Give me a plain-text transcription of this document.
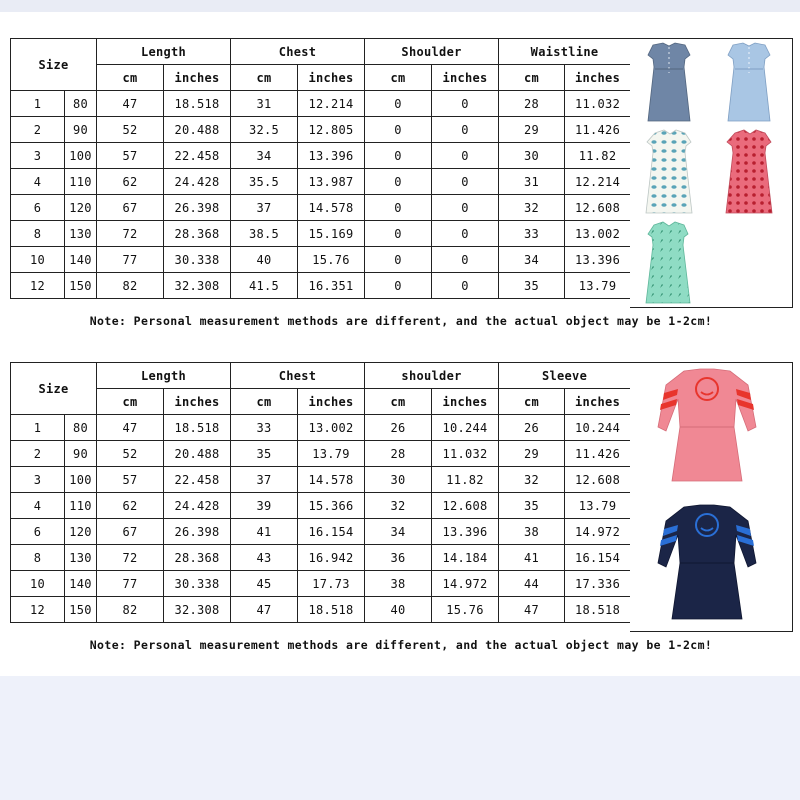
Size		Length		Chest		Shoulder		Waistline	
		cm	inches	cm	inches	cm	inches	cm	inches
1	80	47	18.518	31	12.214	0	0	28	11.032
2	90	52	20.488	32.5	12.805	0	0	29	11.426
3	100	57	22.458	34	13.396	0	0	30	11.82
4	110	62	24.428	35.5	13.987	0	0	31	12.214
6	120	67	26.398	37	14.578	0	0	32	12.608
8	130	72	28.368	38.5	15.169	0	0	33	13.002
10	140	77	30.338	40	15.76	0	0	34	13.396
12	150	82	32.308	41.5	16.351	0	0	35	13.79
Note: Personal measurement methods are different, and the actual object may be 1-2cm!
Size		Length		Chest		shoulder		Sleeve	
		cm	inches	cm	inches	cm	inches	cm	inches
1	80	47	18.518	33	13.002	26	10.244	26	10.244
2	90	52	20.488	35	13.79	28	11.032	29	11.426
3	100	57	22.458	37	14.578	30	11.82	32	12.608
4	110	62	24.428	39	15.366	32	12.608	35	13.79
6	120	67	26.398	41	16.154	34	13.396	38	14.972
8	130	72	28.368	43	16.942	36	14.184	41	16.154
10	140	77	30.338	45	17.73	38	14.972	44	17.336
12	150	82	32.308	47	18.518	40	15.76	47	18.518
Note: Personal measurement methods are different, and the actual object may be 1-2cm!
